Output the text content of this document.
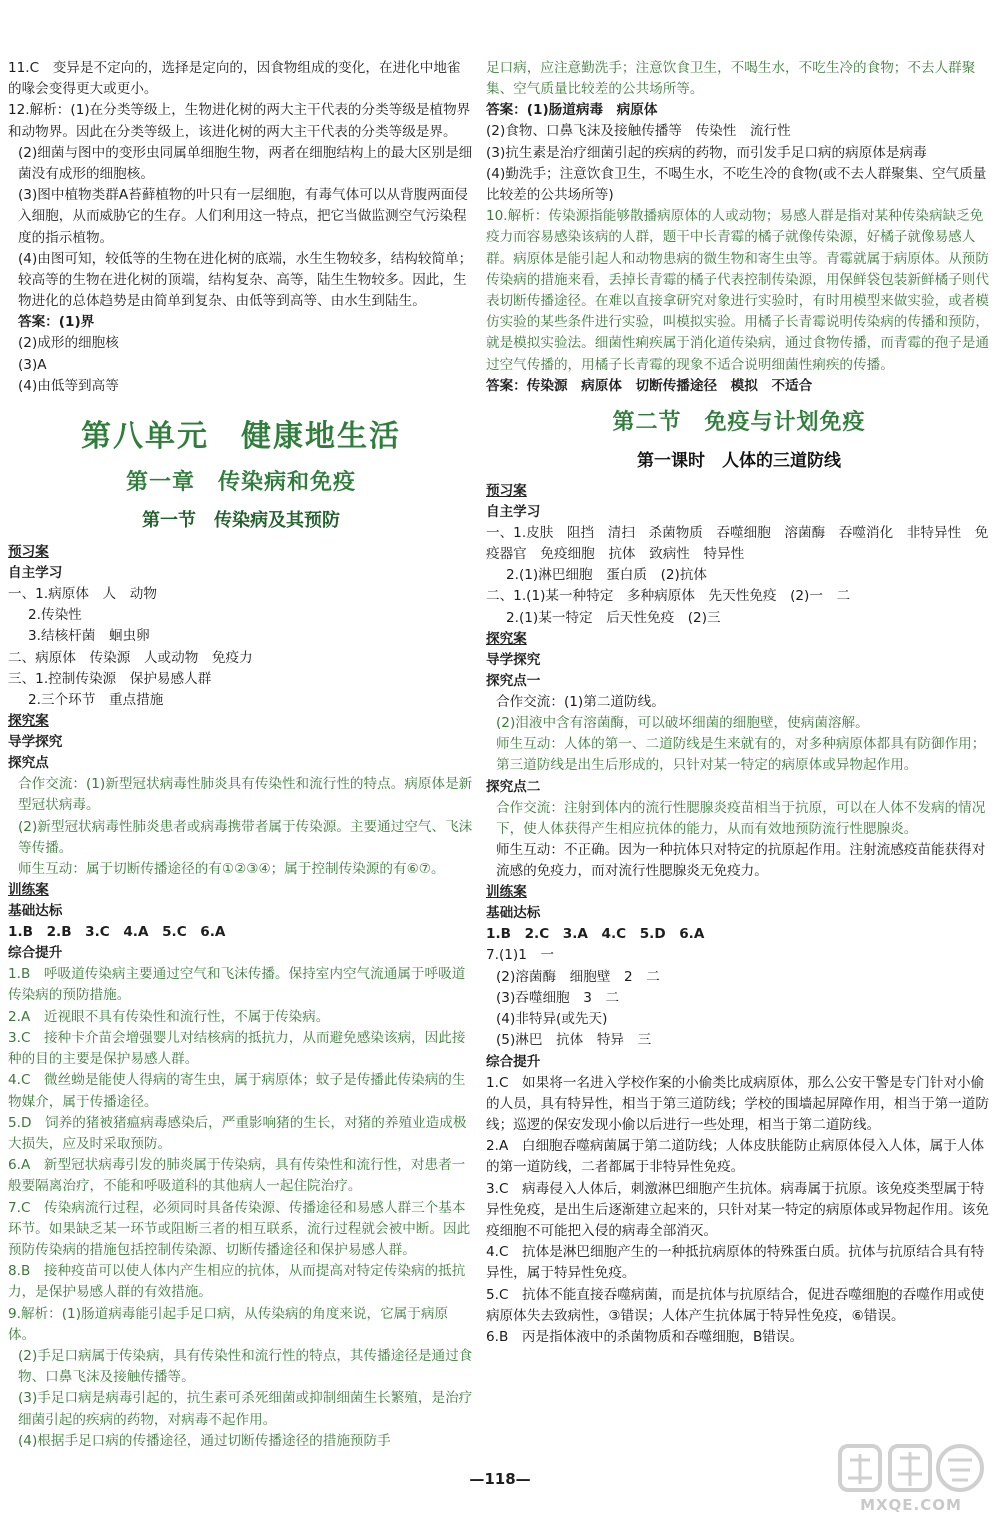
11.C　变异是不定向的，选择是定向的，因食物组成的变化，在进化中地雀的喙会变得更大或更小。
12.解析：(1)在分类等级上，生物进化树的两大主干代表的分类等级是植物界和动物界。因此在分类等级上，该进化树的两大主干代表的分类等级是界。
(2)细菌与图中的变形虫同属单细胞生物，两者在细胞结构上的最大区别是细菌没有成形的细胞核。
(3)图中植物类群A苔藓植物的叶只有一层细胞，有毒气体可以从背腹两面侵入细胞，从而威胁它的生存。人们利用这一特点，把它当做监测空气污染程度的指示植物。
(4)由图可知，较低等的生物在进化树的底端，水生生物较多，结构较简单；较高等的生物在进化树的顶端，结构复杂、高等，陆生生物较多。因此，生物进化的总体趋势是由简单到复杂、由低等到高等、由水生到陆生。
答案：(1)界
(2)成形的细胞核
(3)A
(4)由低等到高等
第八单元　健康地生活
第一章　传染病和免疫
第一节　传染病及其预防
预习案
自主学习
一、1.病原体　人　动物
2.传染性
3.结核杆菌　蛔虫卵
二、病原体　传染源　人或动物　免疫力
三、1.控制传染源　保护易感人群
2.三个环节　重点措施
探究案
导学探究
探究点
合作交流：(1)新型冠状病毒性肺炎具有传染性和流行性的特点。病原体是新型冠状病毒。
(2)新型冠状病毒性肺炎患者或病毒携带者属于传染源。主要通过空气、飞沫等传播。
师生互动：属于切断传播途径的有①②③④；属于控制传染源的有⑥⑦。
训练案
基础达标
1.B　2.B　3.C　4.A　5.C　6.A
综合提升
1.B　呼吸道传染病主要通过空气和飞沫传播。保持室内空气流通属于呼吸道传染病的预防措施。
2.A　近视眼不具有传染性和流行性，不属于传染病。
3.C　接种卡介苗会增强婴儿对结核病的抵抗力，从而避免感染该病，因此接种的目的主要是保护易感人群。
4.C　微丝蚴是能使人得病的寄生虫，属于病原体；蚊子是传播此传染病的生物媒介，属于传播途径。
5.D　饲养的猪被猪瘟病毒感染后，严重影响猪的生长，对猪的养殖业造成极大损失，应及时采取预防。
6.A　新型冠状病毒引发的肺炎属于传染病，具有传染性和流行性，对患者一般要隔离治疗，不能和呼吸道科的其他病人一起住院治疗。
7.C　传染病流行过程，必须同时具备传染源、传播途径和易感人群三个基本环节。如果缺乏某一环节或阻断三者的相互联系，流行过程就会被中断。因此预防传染病的措施包括控制传染源、切断传播途径和保护易感人群。
8.B　接种疫苗可以使人体内产生相应的抗体，从而提高对特定传染病的抵抗力，是保护易感人群的有效措施。
9.解析：(1)肠道病毒能引起手足口病，从传染病的角度来说，它属于病原体。
(2)手足口病属于传染病，具有传染性和流行性的特点，其传播途径是通过食物、口鼻飞沫及接触传播等。
(3)手足口病是病毒引起的，抗生素可杀死细菌或抑制细菌生长繁殖，是治疗细菌引起的疾病的药物，对病毒不起作用。
(4)根据手足口病的传播途径，通过切断传播途径的措施预防手
足口病，应注意勤洗手；注意饮食卫生，不喝生水，不吃生冷的食物；不去人群聚集、空气质量比较差的公共场所等。
答案：(1)肠道病毒　病原体
(2)食物、口鼻飞沫及接触传播等　传染性　流行性
(3)抗生素是治疗细菌引起的疾病的药物，而引发手足口病的病原体是病毒
(4)勤洗手；注意饮食卫生，不喝生水，不吃生冷的食物(或不去人群聚集、空气质量比较差的公共场所等)
10.解析：传染源指能够散播病原体的人或动物；易感人群是指对某种传染病缺乏免疫力而容易感染该病的人群，题干中长青霉的橘子就像传染源，好橘子就像易感人群。病原体是能引起人和动物患病的微生物和寄生虫等。青霉就属于病原体。从预防传染病的措施来看，丢掉长青霉的橘子代表控制传染源，用保鲜袋包装新鲜橘子则代表切断传播途径。在难以直接拿研究对象进行实验时，有时用模型来做实验，或者模仿实验的某些条件进行实验，叫模拟实验。用橘子长青霉说明传染病的传播和预防，就是模拟实验法。细菌性痢疾属于消化道传染病，通过食物传播，而青霉的孢子是通过空气传播的，用橘子长青霉的现象不适合说明细菌性痢疾的传播。
答案：传染源　病原体　切断传播途径　模拟　不适合
第二节　免疫与计划免疫
第一课时　人体的三道防线
预习案
自主学习
一、1.皮肤　阻挡　清扫　杀菌物质　吞噬细胞　溶菌酶　吞噬消化　非特异性　免疫器官　免疫细胞　抗体　致病性　特异性
2.(1)淋巴细胞　蛋白质　(2)抗体
二、1.(1)某一种特定　多种病原体　先天性免疫　(2)一　二
2.(1)某一特定　后天性免疫　(2)三
探究案
导学探究
探究点一
合作交流：(1)第二道防线。
(2)泪液中含有溶菌酶，可以破坏细菌的细胞壁，使病菌溶解。
师生互动：人体的第一、二道防线是生来就有的，对多种病原体都具有防御作用；第三道防线是出生后形成的，只针对某一特定的病原体或异物起作用。
探究点二
合作交流：注射到体内的流行性腮腺炎疫苗相当于抗原，可以在人体不发病的情况下，使人体获得产生相应抗体的能力，从而有效地预防流行性腮腺炎。
师生互动：不正确。因为一种抗体只对特定的抗原起作用。注射流感疫苗能获得对流感的免疫力，而对流行性腮腺炎无免疫力。
训练案
基础达标
1.B　2.C　3.A　4.C　5.D　6.A
7.(1)1　一
(2)溶菌酶　细胞壁　2　二
(3)吞噬细胞　3　二
(4)非特异(或先天)
(5)淋巴　抗体　特异　三
综合提升
1.C　如果将一名进入学校作案的小偷类比成病原体，那么公安干警是专门针对小偷的人员，具有特异性，相当于第三道防线；学校的围墙起屏障作用，相当于第一道防线；巡逻的保安发现小偷以后进行一些处理，相当于第二道防线。
2.A　白细胞吞噬病菌属于第二道防线；人体皮肤能防止病原体侵入人体，属于人体的第一道防线，二者都属于非特异性免疫。
3.C　病毒侵入人体后，刺激淋巴细胞产生抗体。病毒属于抗原。该免疫类型属于特异性免疫，是出生后逐渐建立起来的，只针对某一特定的病原体或异物起作用。该免疫细胞不可能把入侵的病毒全部消灭。
4.C　抗体是淋巴细胞产生的一种抵抗病原体的特殊蛋白质。抗体与抗原结合具有特异性，属于特异性免疫。
5.C　抗体不能直接吞噬病菌，而是抗体与抗原结合，促进吞噬细胞的吞噬作用或使病原体失去致病性，③错误；人体产生抗体属于特异性免疫，⑥错误。
6.B　丙是指体液中的杀菌物质和吞噬细胞，B错误。
—118—
MXQE.COM
